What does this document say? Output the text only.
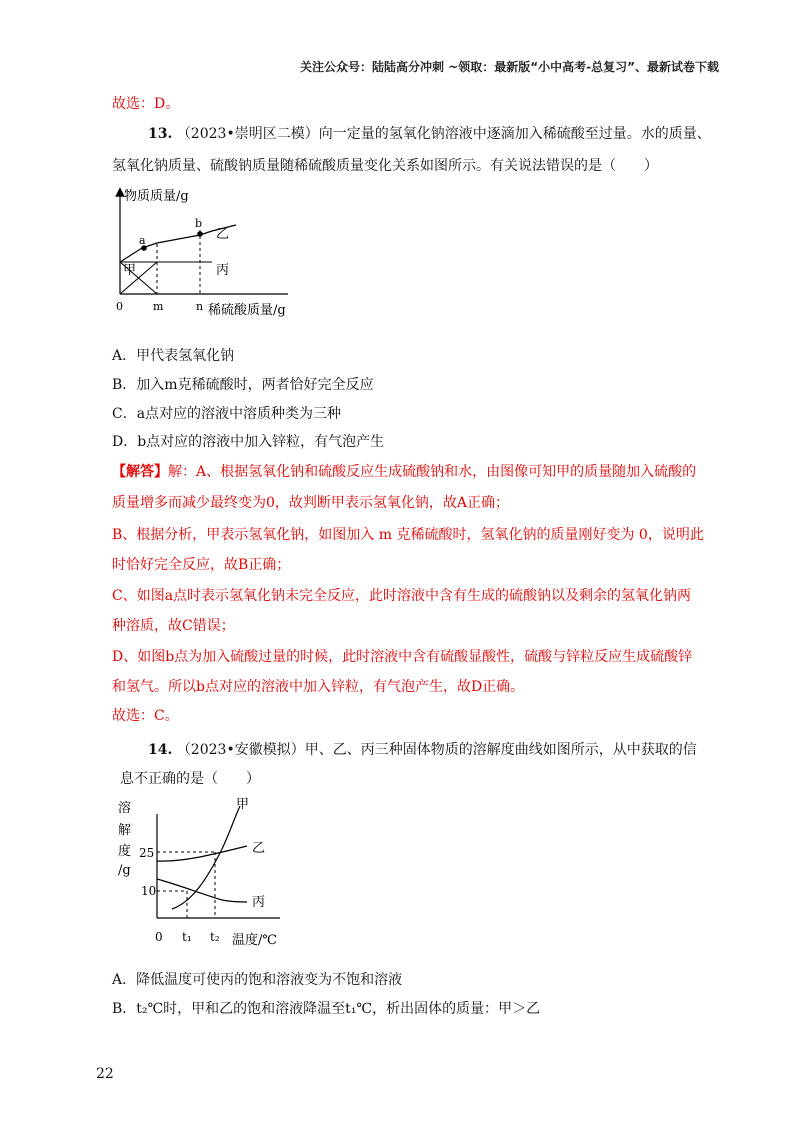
关注公众号：陆陆高分冲刺 ~领取：最新版“小中高考-总复习”、最新试卷下载
故选：D。
13. （2023•崇明区二模）向一定量的氢氧化钠溶液中逐滴加入稀硫酸至过量。水的质量、
氢氧化钠质量、硫酸钠质量随稀硫酸质量变化关系如图所示。有关说法错误的是（　　）
物质质量/g
a
b
甲
乙
丙
0	m	n 稀硫酸质量/g
A．甲代表氢氧化钠
B．加入m克稀硫酸时，两者恰好完全反应
C．a点对应的溶液中溶质种类为三种
D．b点对应的溶液中加入锌粒，有气泡产生
【解答】解：A、根据氢氧化钠和硫酸反应生成硫酸钠和水，由图像可知甲的质量随加入硫酸的
质量增多而减少最终变为0，故判断甲表示氢氧化钠，故A正确；
B、根据分析，甲表示氢氧化钠，如图加入 m 克稀硫酸时，氢氧化钠的质量刚好变为 0，说明此
时恰好完全反应，故B正确；
C、如图a点时表示氢氧化钠未完全反应，此时溶液中含有生成的硫酸钠以及剩余的氢氧化钠两
种溶质，故C错误；
D、如图b点为加入硫酸过量的时候，此时溶液中含有硫酸显酸性，硫酸与锌粒反应生成硫酸锌
和氢气。所以b点对应的溶液中加入锌粒，有气泡产生，故D正确。
故选：C。
14. （2023•安徽模拟）甲、乙、丙三种固体物质的溶解度曲线如图所示，从中获取的信
息不正确的是（　　）
溶
解
度
/g
25
10
甲
乙
丙
0 t₁ t₂ 温度/℃
A．降低温度可使丙的饱和溶液变为不饱和溶液
B．t₂℃时，甲和乙的饱和溶液降温至t₁℃，析出固体的质量：甲＞乙
22
